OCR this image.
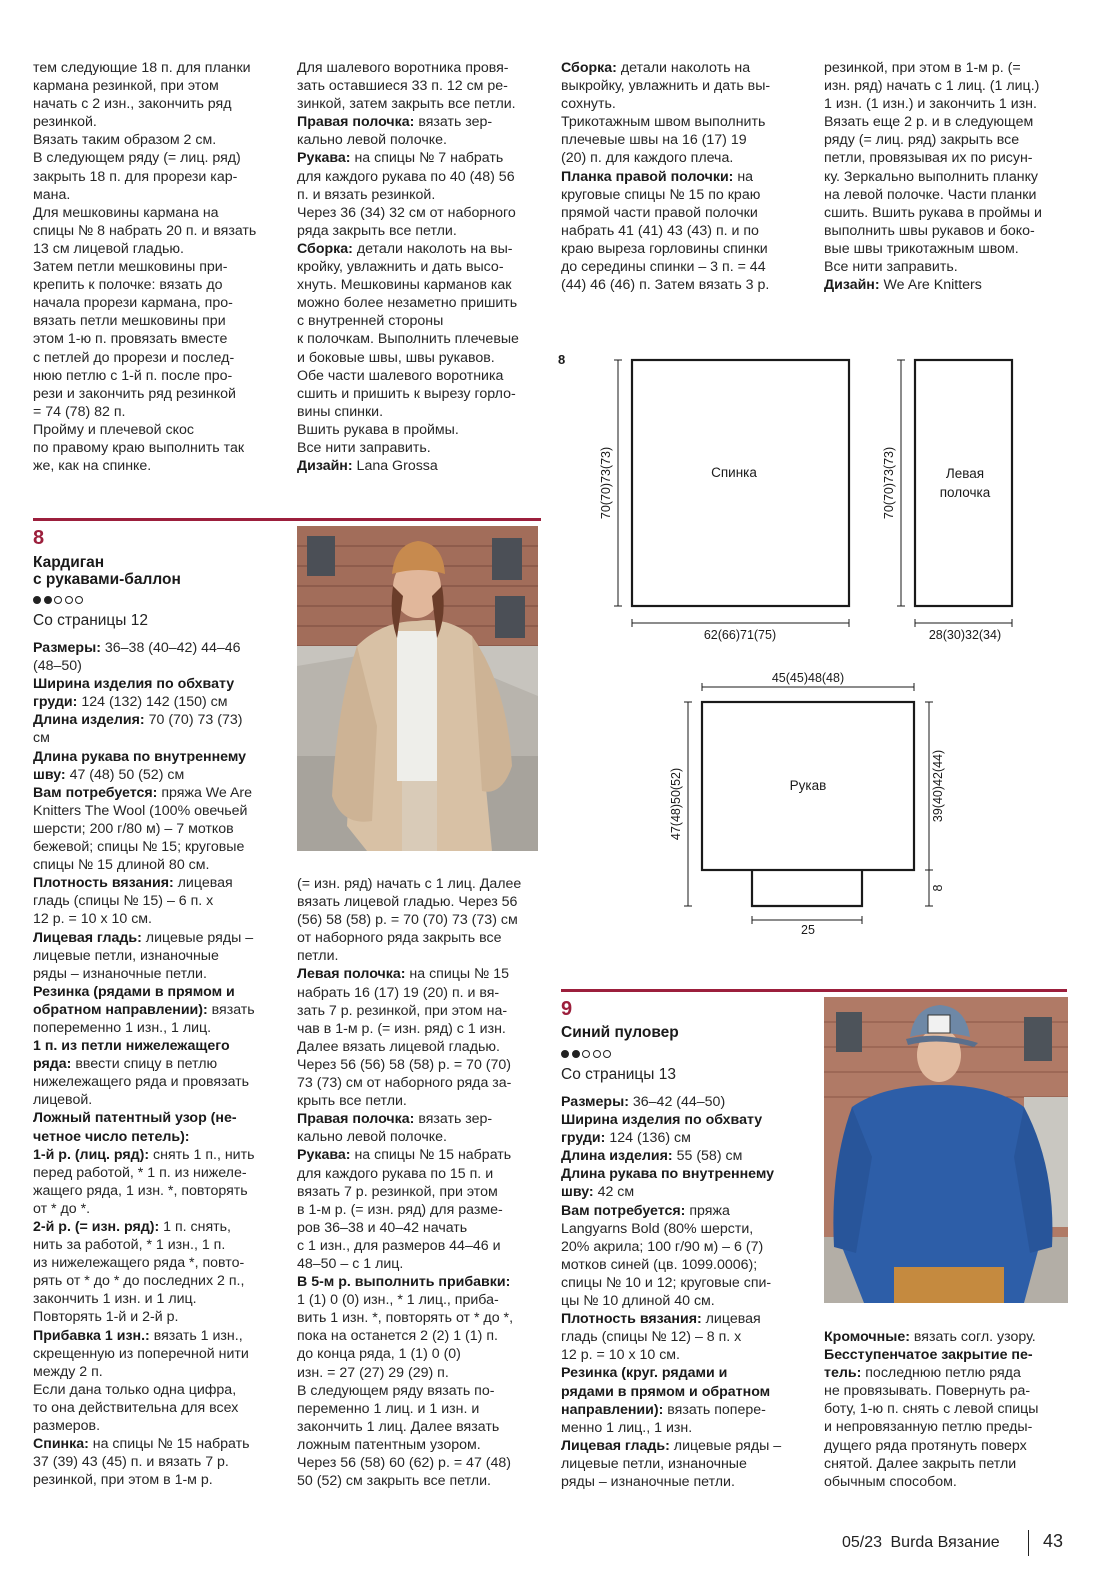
тем следующие 18 п. для планки

кармана резинкой, при этом

начать с 2 изн., закончить ряд

резинкой.

Вязать таким образом 2 см.

В следующем ряду (= лиц. ряд)

закрыть 18 п. для прорези кар-

мана.

Для мешковины кармана на

спицы № 8 набрать 20 п. и вязать

13 см лицевой гладью.

Затем петли мешковины при-

крепить к полочке: вязать до

начала прорези кармана, про-

вязать петли мешковины при

этом 1-ю п. провязать вместе

с петлей до прорези и послед-

нюю петлю с 1-й п. после про-

рези и закончить ряд резинкой

= 74 (78) 82 п.

Пройму и плечевой скос

по правому краю выполнить так

же, как на спинке.

Для шалевого воротника провя-

зать оставшиеся 33 п. 12 см ре-

зинкой, затем закрыть все петли.

Правая полочка: вязать зер-

кально левой полочке.

Рукава: на спицы № 7 набрать

для каждого рукава по 40 (48) 56

п. и вязать резинкой.

Через 36 (34) 32 см от наборного

ряда закрыть все петли.

Сборка: детали наколоть на вы-

кройку, увлажнить и дать высо-

хнуть. Мешковины карманов как

можно более незаметно пришить

с внутренней стороны

к полочкам. Выполнить плечевые

и боковые швы, швы рукавов.

Обе части шалевого воротника

сшить и пришить к вырезу горло-

вины спинки.

Вшить рукава в проймы.

Все нити заправить.

Дизайн: Lana Grossa

Сборка: детали наколоть на

выкройку, увлажнить и дать вы-

сохнуть.

Трикотажным швом выполнить

плечевые швы на 16 (17) 19

(20) п. для каждого плеча.

Планка правой полочки: на

круговые спицы № 15 по краю

прямой части правой полочки

набрать 41 (41) 43 (43) п. и по

краю выреза горловины спинки

до середины спинки – 3 п. = 44

(44) 46 (46) п. Затем вязать 3 р.

резинкой, при этом в 1-м р. (=

изн. ряд) начать с 1 лиц. (1 лиц.)

1 изн. (1 изн.) и закончить 1 изн.

Вязать еще 2 р. и в следующем

ряду (= лиц. ряд) закрыть все

петли, провязывая их по рисун-

ку. Зеркально выполнить планку

на левой полочке. Части планки

сшить. Вшить рукава в проймы и

выполнить швы рукавов и боко-

вые швы трикотажным швом.

Все нити заправить.

Дизайн: We Are Knitters

8
Кардиган
с рукавами-баллон
Со страницы 12

Размеры: 36–38 (40–42) 44–46

(48–50)

Ширина изделия по обхвату

груди: 124 (132) 142 (150) см

Длина изделия: 70 (70) 73 (73)

см

Длина рукава по внутреннему

шву: 47 (48) 50 (52) см

Вам потребуется: пряжа We Are

Knitters The Wool (100% овечьей

шерсти; 200 г/80 м) – 7 мотков

бежевой; спицы № 15; круговые

спицы № 15 длиной 80 см.

Плотность вязания: лицевая

гладь (спицы № 15) – 6 п. х

12 р. = 10 х 10 см.

Лицевая гладь: лицевые ряды –

лицевые петли, изнаночные

ряды – изнаночные петли.

Резинка (рядами в прямом и

обратном направлении): вязать

попеременно 1 изн., 1 лиц.

1 п. из петли нижележащего

ряда: ввести спицу в петлю

нижележащего ряда и провязать

лицевой.

Ложный патентный узор (не-

четное число петель):

1-й р. (лиц. ряд): снять 1 п., нить

перед работой, * 1 п. из нижеле-

жащего ряда, 1 изн. *, повторять

от * до *.

2-й р. (= изн. ряд): 1 п. снять,

нить за работой, * 1 изн., 1 п.

из нижележащего ряда *, повто-

рять от * до * до последних 2 п.,

закончить 1 изн. и 1 лиц.

Повторять 1-й и 2-й р.

Прибавка 1 изн.: вязать 1 изн.,

скрещенную из поперечной нити

между 2 п.

Если дана только одна цифра,

то она действительна для всех

размеров.

Спинка: на спицы № 15 набрать

37 (39) 43 (45) п. и вязать 7 р.

резинкой, при этом в 1-м р.

(= изн. ряд) начать с 1 лиц. Далее

вязать лицевой гладью. Через 56

(56) 58 (58) р. = 70 (70) 73 (73) см

от наборного ряда закрыть все

петли.

Левая полочка: на спицы № 15

набрать 16 (17) 19 (20) п. и вя-

зать 7 р. резинкой, при этом на-

чав в 1-м р. (= изн. ряд) с 1 изн.

Далее вязать лицевой гладью.

Через 56 (56) 58 (58) р. = 70 (70)

73 (73) см от наборного ряда за-

крыть все петли.

Правая полочка: вязать зер-

кально левой полочке.

Рукава: на спицы № 15 набрать

для каждого рукава по 15 п. и

вязать 7 р. резинкой, при этом

в 1-м р. (= изн. ряд) для разме-

ров 36–38 и 40–42 начать

с 1 изн., для размеров 44–46 и

48–50 – с 1 лиц.

В 5-м р. выполнить прибавки:

1 (1) 0 (0) изн., * 1 лиц., приба-

вить 1 изн. *, повторять от * до *,

пока на останется 2 (2) 1 (1) п.

до конца ряда, 1 (1) 0 (0)

изн. = 27 (27) 29 (29) п.

В следующем ряду вязать по-

переменно 1 лиц. и 1 изн. и

закончить 1 лиц. Далее вязать

ложным патентным узором.

Через 56 (58) 60 (62) р. = 47 (48)

50 (52) см закрыть все петли.

8
Спинка	Левая
полочка
Рукав
70(70)73(73)
62(66)71(75)
70(70)73(73)
28(30)32(34)
45(45)48(48)
47(48)50(52)	39(40)42(44)
8
25
9
Синий пуловер
Со страницы 13

Размеры: 36–42 (44–50)

Ширина изделия по обхвату

груди: 124 (136) см

Длина изделия: 55 (58) см

Длина рукава по внутреннему

шву: 42 см

Вам потребуется: пряжа

Langyarns Bold (80% шерсти,

20% акрила; 100 г/90 м) – 6 (7)

мотков синей (цв. 1099.0006);

спицы № 10 и 12; круговые спи-

цы № 10 длиной 40 см.

Плотность вязания: лицевая

гладь (спицы № 12) – 8 п. х

12 р. = 10 х 10 см.

Резинка (круг. рядами и

рядами в прямом и обратном

направлении): вязать попере-

менно 1 лиц., 1 изн.

Лицевая гладь: лицевые ряды –

лицевые петли, изнаночные

ряды – изнаночные петли.

Кромочные: вязать согл. узору.

Бесступенчатое закрытие пе-

тель: последнюю петлю ряда

не провязывать. Повернуть ра-

боту, 1-ю п. снять с левой спицы

и непровязанную петлю преды-

дущего ряда протянуть поверх

снятой. Далее закрыть петли

обычным способом.

05/23 Burda Вязание 43
